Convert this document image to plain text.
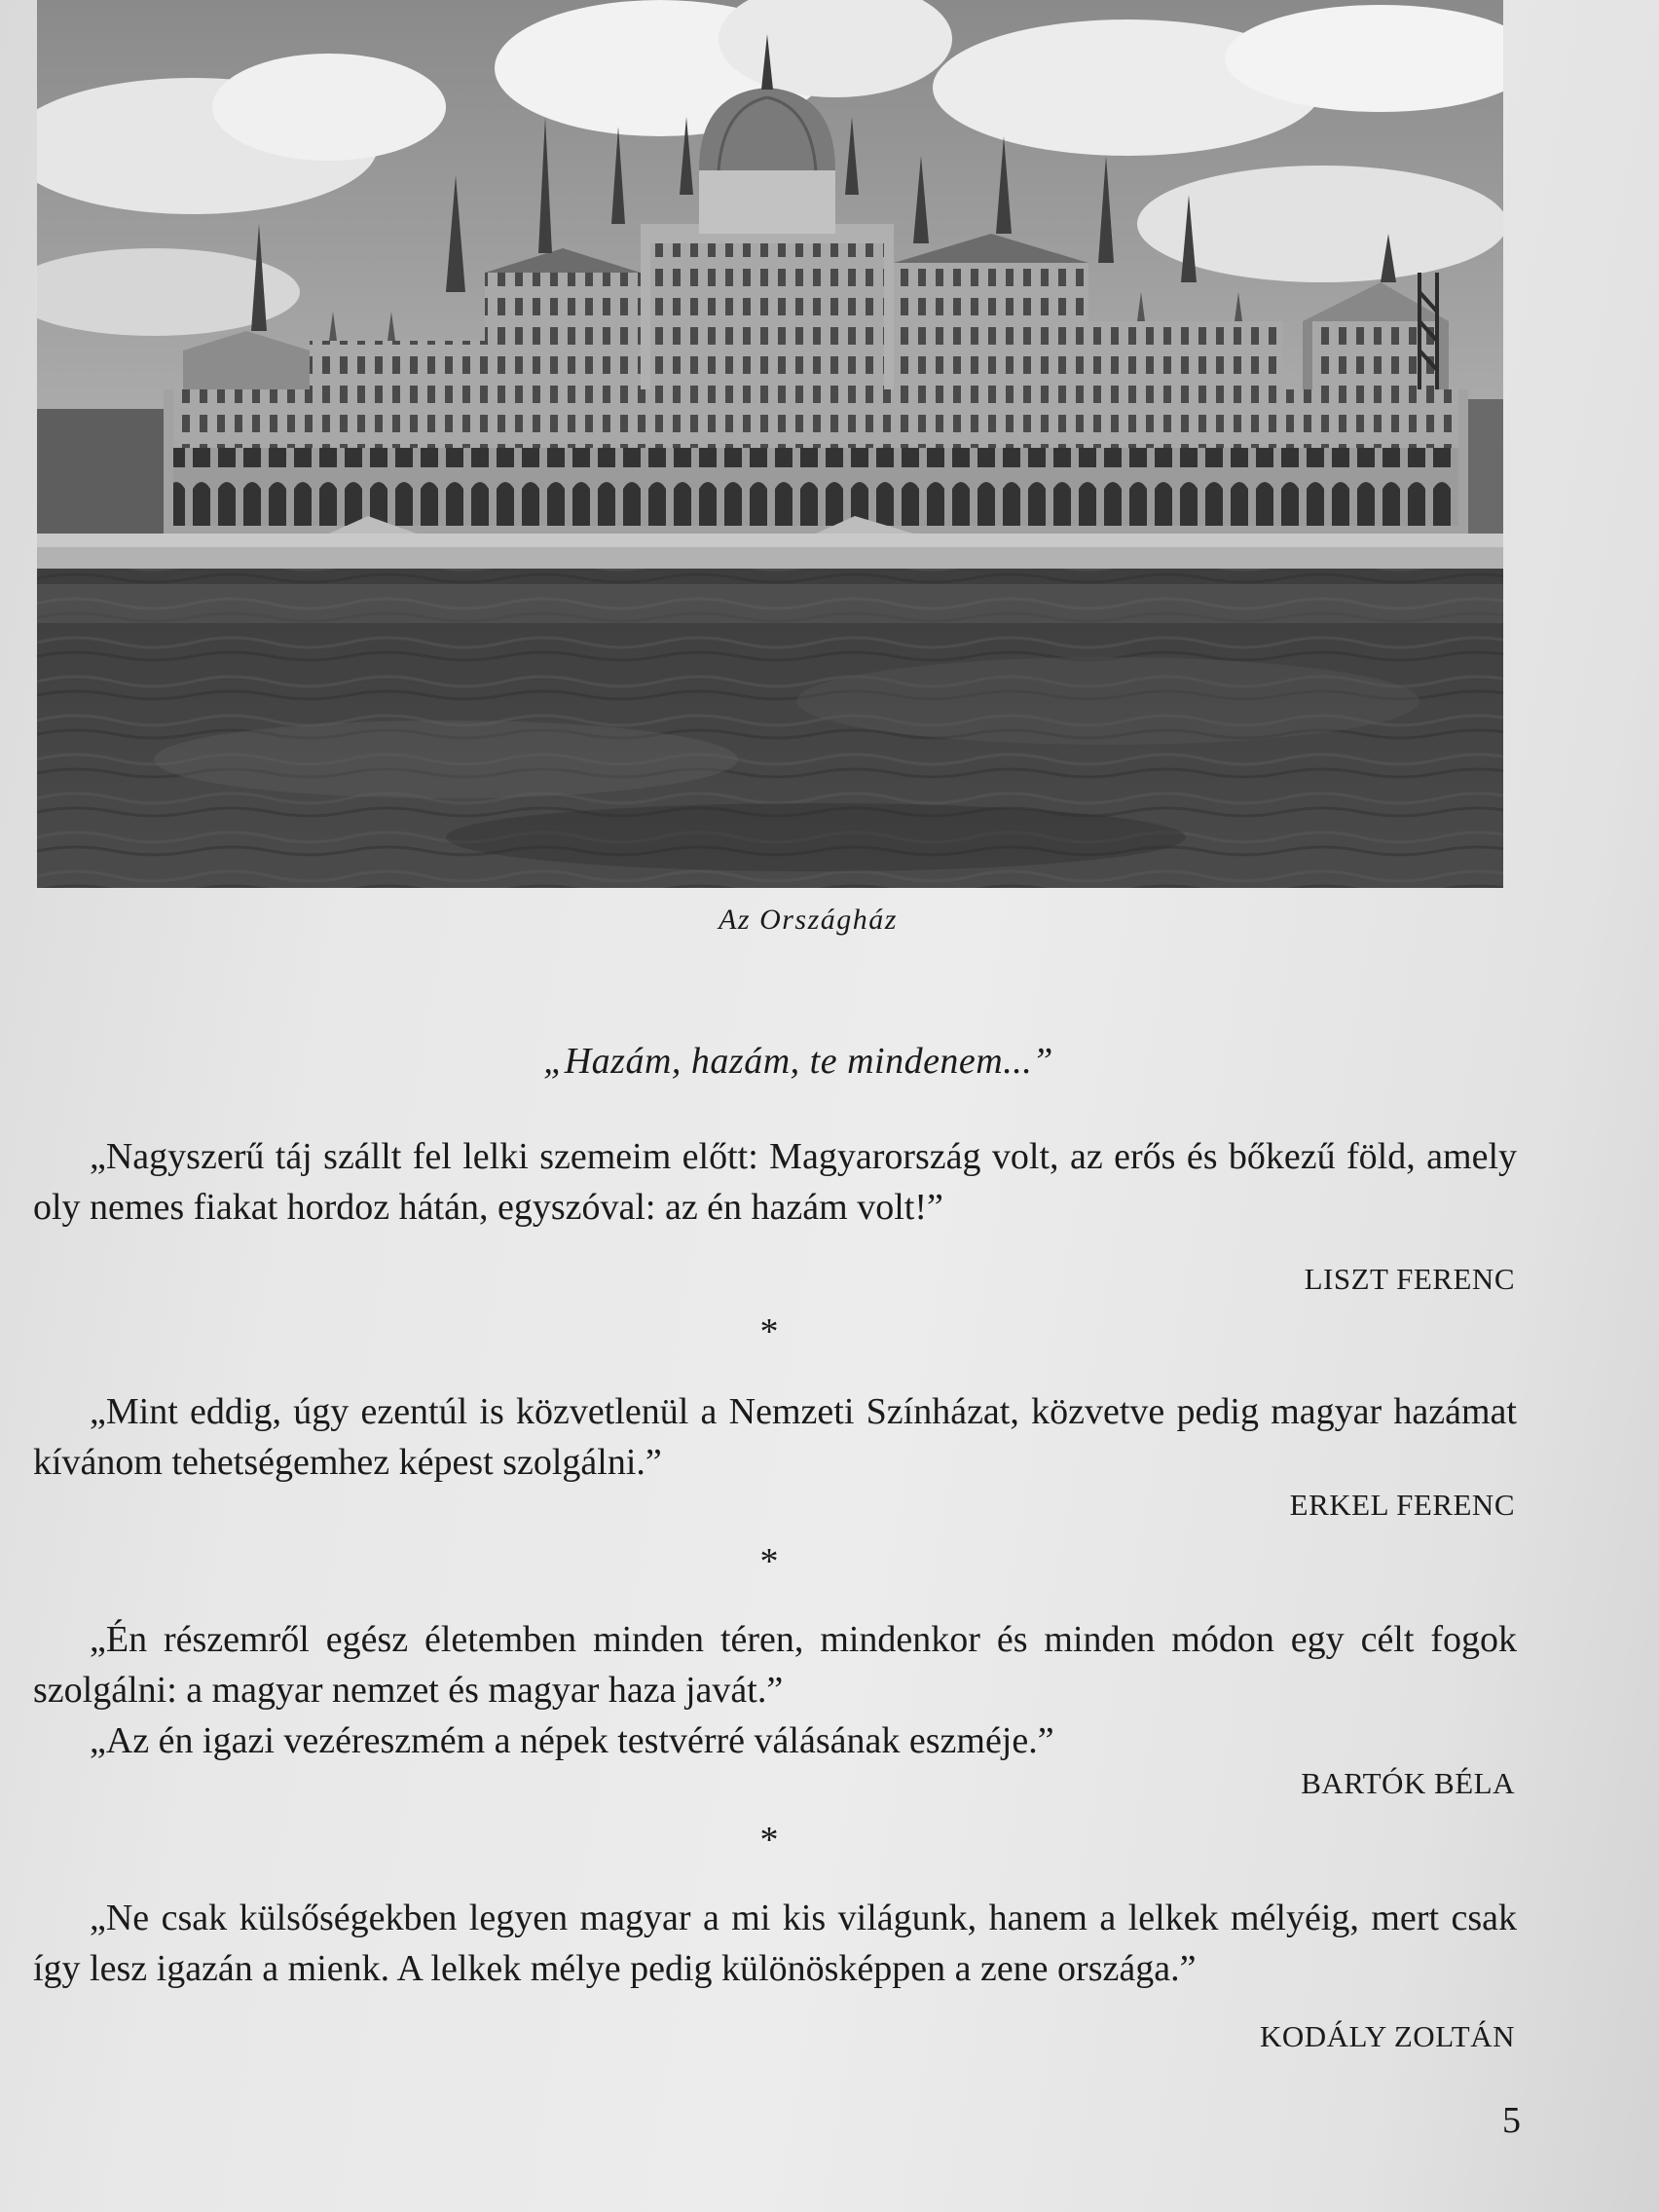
Az Országház
„Hazám, hazám, te mindenem...”

„Nagyszerű táj szállt fel lelki szemeim előtt: Magyarország volt, az erős és bőkezű föld, amely oly nemes fiakat hordoz hátán, egyszóval: az én hazám volt!”

LISZT FERENC
*

„Mint eddig, úgy ezentúl is közvetlenül a Nemzeti Színházat, közvetve pedig magyar hazámat kívánom tehetségemhez képest szolgálni.”

ERKEL FERENC
*

„Én részemről egész életemben minden téren, mindenkor és minden módon egy célt fogok szolgálni: a magyar nemzet és magyar haza javát.”

„Az én igazi vezéreszmém a népek testvérré válásának eszméje.”

BARTÓK BÉLA
*

„Ne csak külsőségekben legyen magyar a mi kis világunk, hanem a lelkek mélyéig, mert csak így lesz igazán a mienk. A lelkek mélye pedig különösképpen a zene országa.”

KODÁLY ZOLTÁN
5
